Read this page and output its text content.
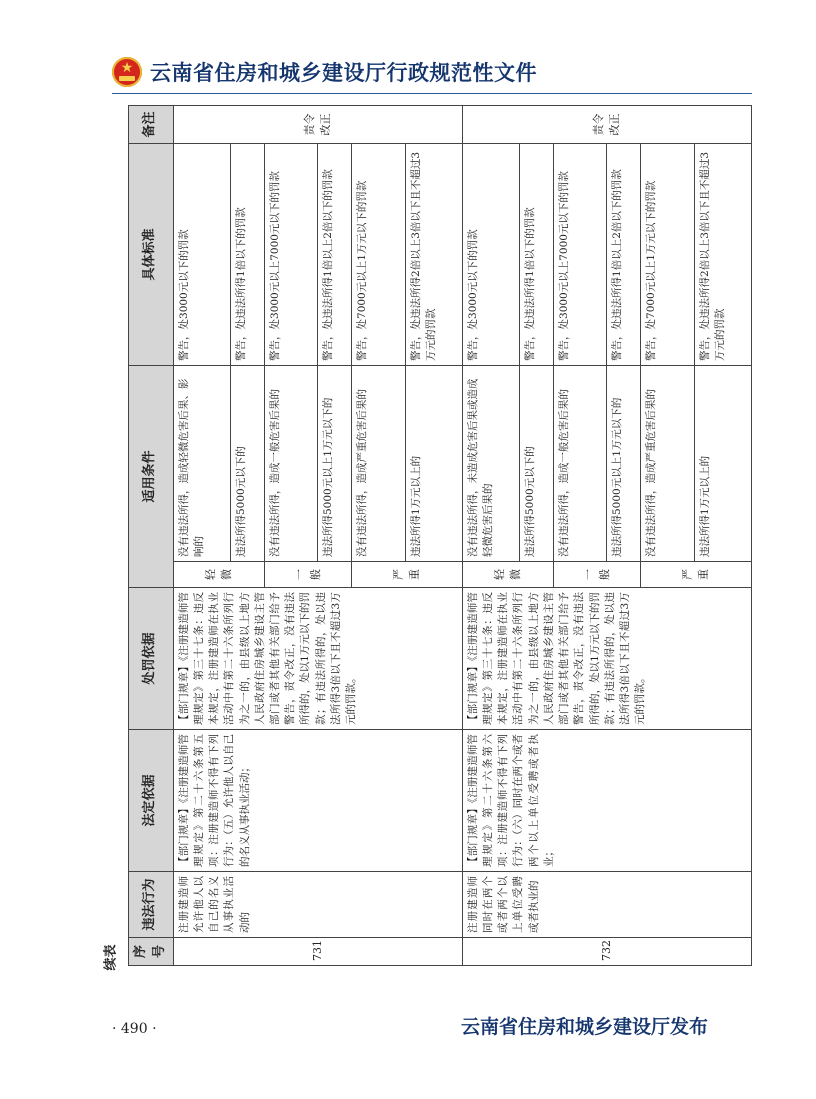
★ 云南省住房和城乡建设厅行政规范性文件
续表 序号	违法行为	法定依据	处罚依据	适用条件		具体标准	备注
731	注册建造师允许他人以自己的名义从事执业活动的	【部门规章】《注册建造师管理规定》第二十六条第五项：注册建造师不得有下列行为：（五）允许他人以自己的名义从事执业活动；	【部门规章】《注册建造师管理规定》第三十七条：违反本规定，注册建造师在执业活动中有第二十六条所列行为之一的，由县级以上地方人民政府住房城乡建设主管部门或者其他有关部门给予警告，责令改正，没有违法所得的，处以1万元以下的罚款；有违法所得的，处以违法所得3倍以下且不超过3万元的罚款。	轻微	没有违法所得，造成轻微危害后果、影响的	警告，处3000元以下的罚款	责令改正
					违法所得5000元以下的	警告，处违法所得1倍以下的罚款	
				一般	没有违法所得，造成一般危害后果的	警告，处3000元以上7000元以下的罚款	
					违法所得5000元以上1万元以下的	警告，处违法所得1倍以上2倍以下的罚款	
				严重	没有违法所得，造成严重危害后果的	警告，处7000元以上1万元以下的罚款	
					违法所得1万元以上的	警告，处违法所得2倍以上3倍以下且不超过3万元的罚款	
732	注册建造师同时在两个或者两个以上单位受聘或者执业的	【部门规章】《注册建造师管理规定》第二十六条第六项：注册建造师不得有下列行为：（六）同时在两个或者两个以上单位受聘或者执业；	【部门规章】《注册建造师管理规定》第三十七条：违反本规定，注册建造师在执业活动中有第二十六条所列行为之一的，由县级以上地方人民政府住房城乡建设主管部门或者其他有关部门给予警告，责令改正，没有违法所得的，处以1万元以下的罚款；有违法所得的，处以违法所得3倍以下且不超过3万元的罚款。	轻微	没有违法所得，未造成危害后果或造成轻微危害后果的	警告，处3000元以下的罚款	责令改正
					违法所得5000元以下的	警告，处违法所得1倍以下的罚款	
				一般	没有违法所得，造成一般危害后果的	警告，处3000元以上7000元以下的罚款	
					违法所得5000元以上1万元以下的	警告，处违法所得1倍以上2倍以下的罚款	
				严重	没有违法所得，造成严重危害后果的	警告，处7000元以上1万元以下的罚款	
					违法所得1万元以上的	警告，处违法所得2倍以上3倍以下且不超过3万元的罚款	
· 490 ·	云南省住房和城乡建设厅发布
